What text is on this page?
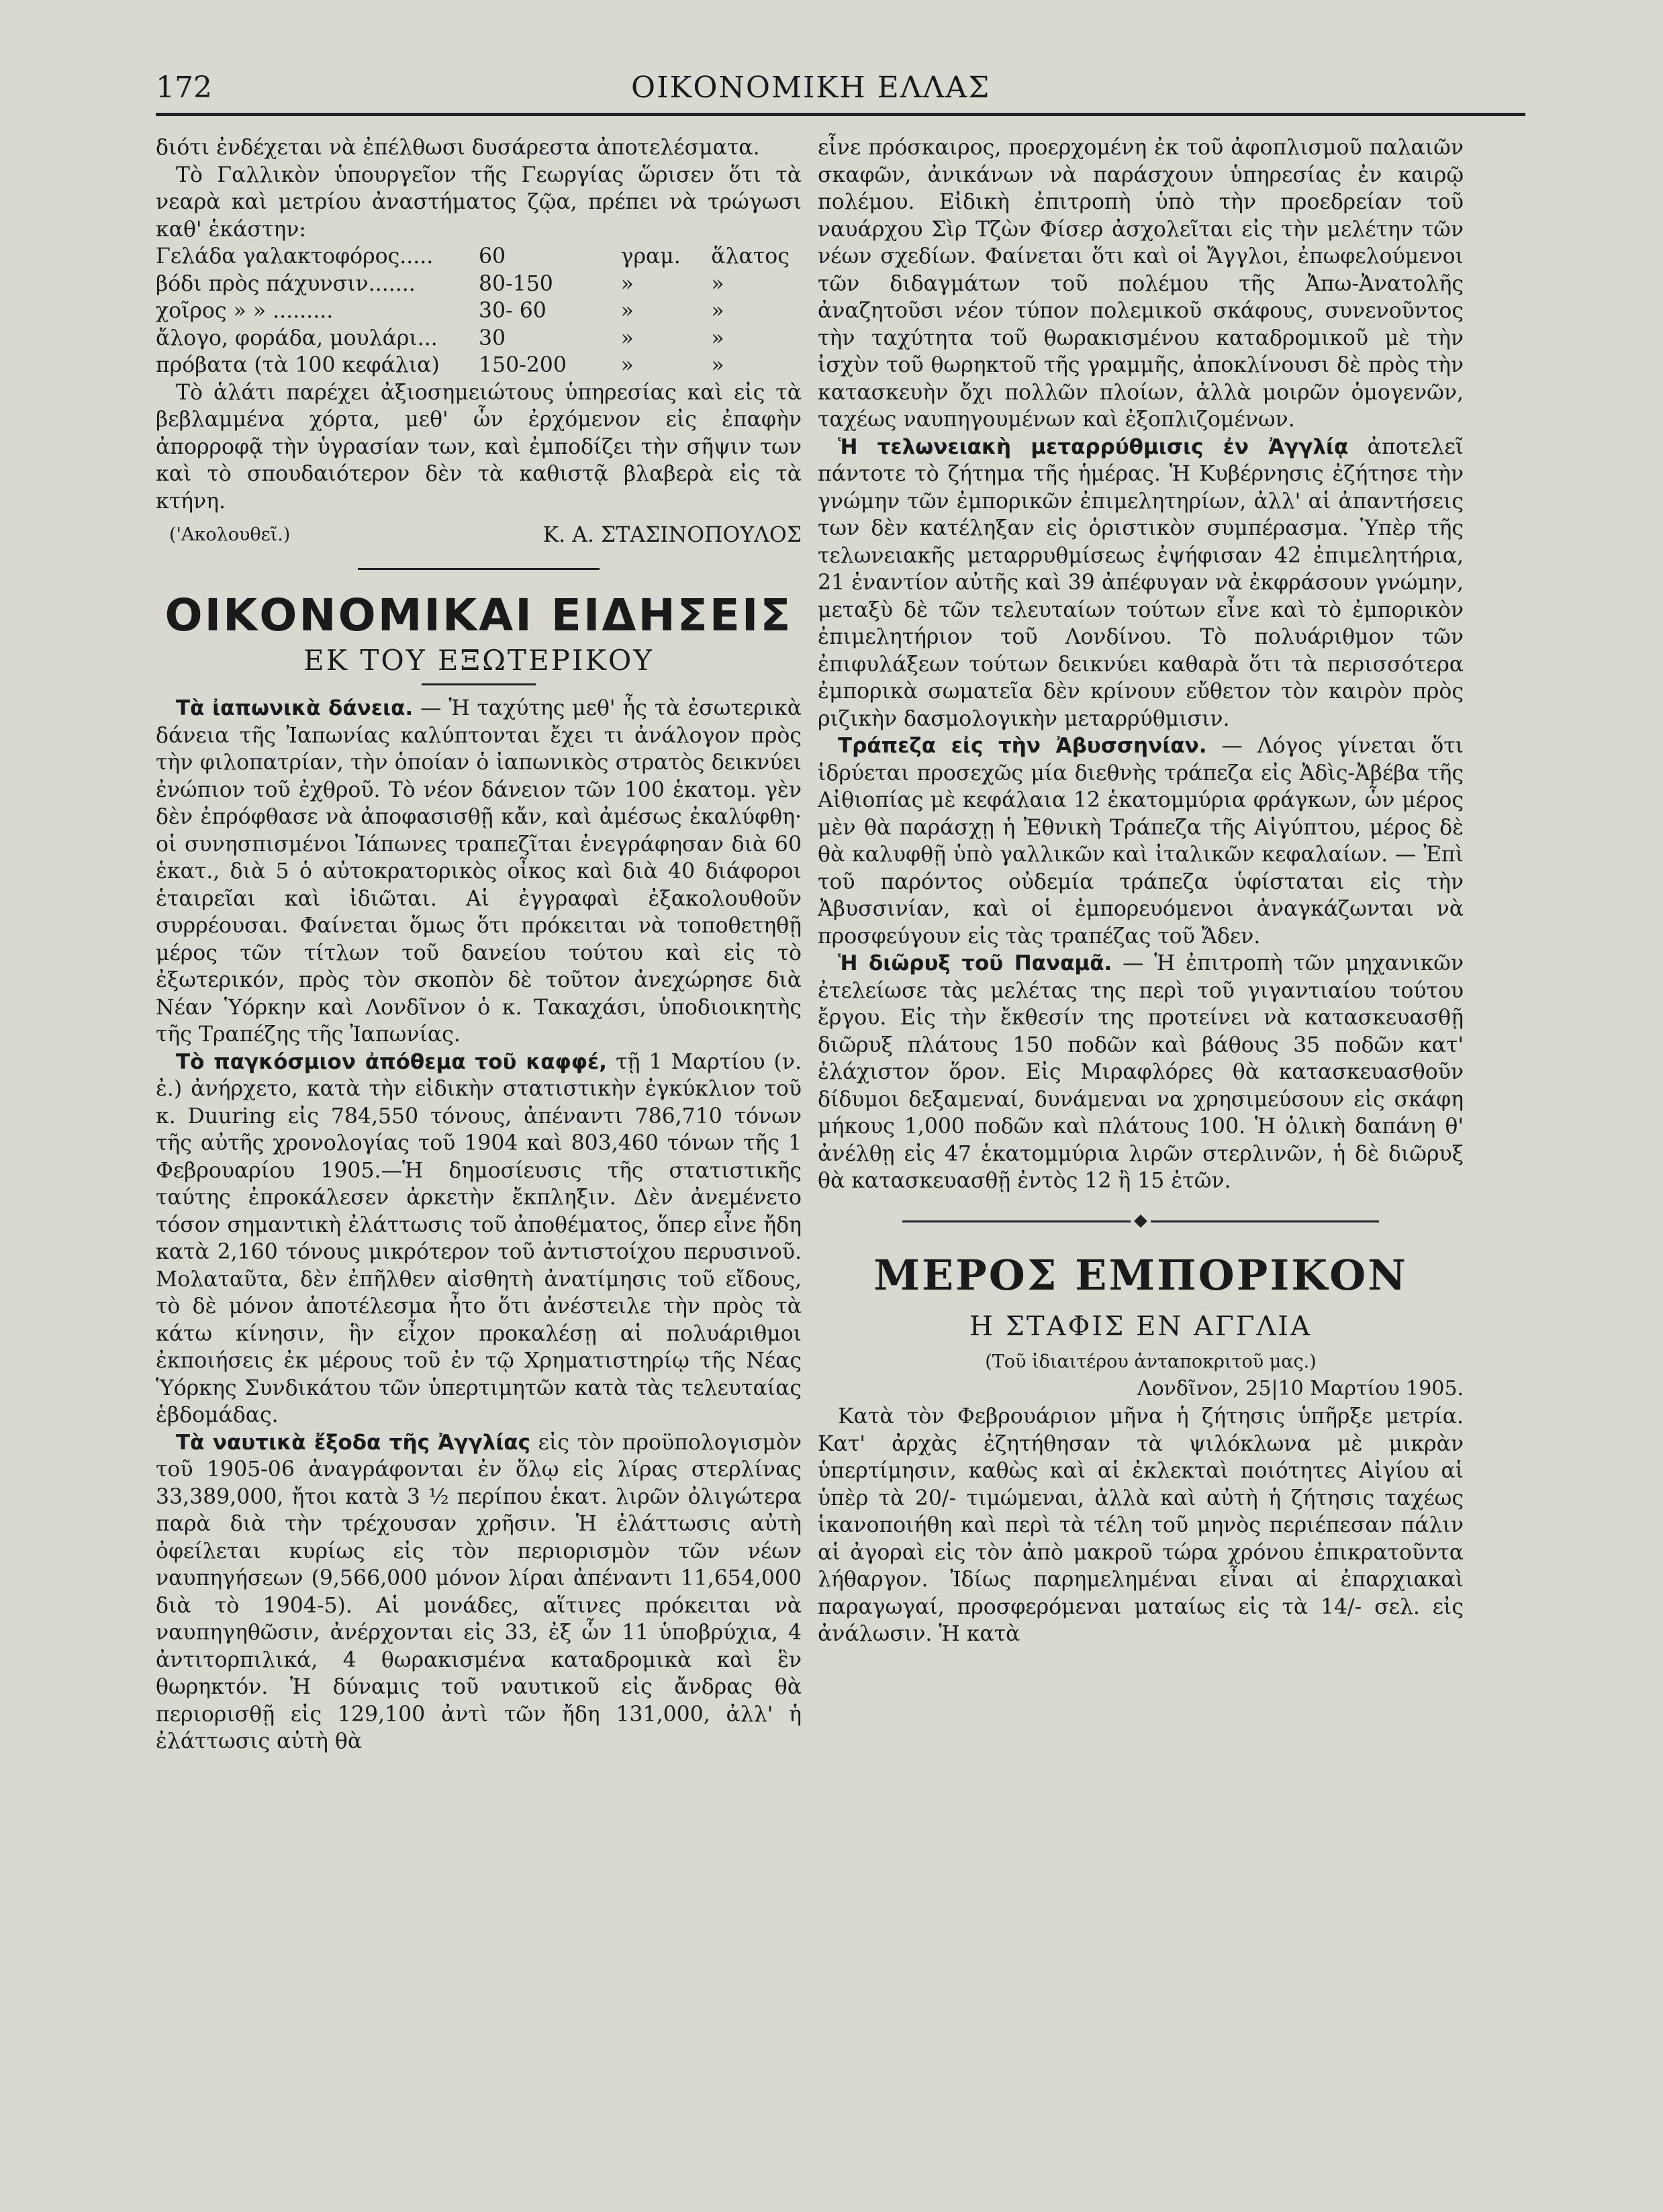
172	ΟΙΚΟΝΟΜΙΚΗ ΕΛΛΑΣ

διότι ἐνδέχεται νὰ ἐπέλθωσι δυσάρεστα ἀποτελέσματα.

Τὸ Γαλλικὸν ὑπουργεῖον τῆς Γεωργίας ὥρισεν ὅτι τὰ νεαρὰ καὶ μετρίου ἀναστήματος ζῷα, πρέπει νὰ τρώγωσι καθ' ἑκάστην:

Γελάδα γαλακτοφόρος.....	60	γραμ.	ἅλατος
βόδι πρὸς πάχυνσιν.......	80-150	»	»
χοῖρος » » .........	30- 60	»	»
ἄλογο, φοράδα, μουλάρι...	30	»	»
πρόβατα (τὰ 100 κεφάλια)	150-200	»	»

Τὸ ἁλάτι παρέχει ἀξιοσημειώτους ὑπηρεσίας καὶ εἰς τὰ βεβλαμμένα χόρτα, μεθ' ὧν ἐρχόμενον εἰς ἐπαφὴν ἀπορροφᾷ τὴν ὑγρασίαν των, καὶ ἐμποδίζει τὴν σῆψιν των καὶ τὸ σπουδαιότερον δὲν τὰ καθιστᾷ βλαβερὰ εἰς τὰ κτήνη.

('Ακολουθεῖ.)	Κ. Α. ΣΤΑΣΙΝΟΠΟΥΛΟΣ
ΟΙΚΟΝΟΜΙΚΑΙ ΕΙΔΗΣΕΙΣ
ΕΚ ΤΟΥ ΕΞΩΤΕΡΙΚΟΥ

Τὰ ἰαπωνικὰ δάνεια. — Ἡ ταχύτης μεθ' ἧς τὰ ἐσωτερικὰ δάνεια τῆς Ἰαπωνίας καλύπτονται ἔχει τι ἀνάλογον πρὸς τὴν φιλοπατρίαν, τὴν ὁποίαν ὁ ἰαπωνικὸς στρατὸς δεικνύει ἐνώπιον τοῦ ἐχθροῦ. Τὸ νέον δάνειον τῶν 100 ἑκατομ. γὲν δὲν ἐπρόφθασε νὰ ἀποφασισθῇ κἄν, καὶ ἀμέσως ἐκαλύφθη· οἱ συνησπισμένοι Ἰάπωνες τραπεζῖται ἐνεγράφησαν διὰ 60 ἑκατ., διὰ 5 ὁ αὐτοκρατορικὸς οἶκος καὶ διὰ 40 διάφοροι ἑταιρεῖαι καὶ ἰδιῶται. Αἱ ἐγγραφαὶ ἐξακολουθοῦν συρρέουσαι. Φαίνεται ὅμως ὅτι πρόκειται νὰ τοποθετηθῇ μέρος τῶν τίτλων τοῦ δανείου τούτου καὶ εἰς τὸ ἐξωτερικόν, πρὸς τὸν σκοπὸν δὲ τοῦτον ἀνεχώρησε διὰ Νέαν Ὑόρκην καὶ Λονδῖνον ὁ κ. Τακαχάσι, ὑποδιοικητὴς τῆς Τραπέζης τῆς Ἰαπωνίας.

Τὸ παγκόσμιον ἀπόθεμα τοῦ καφφέ, τῇ 1 Μαρτίου (ν. ἐ.) ἀνήρχετο, κατὰ τὴν εἰδικὴν στατιστικὴν ἐγκύκλιον τοῦ κ. Duuring εἰς 784,550 τόνους, ἀπέναντι 786,710 τόνων τῆς αὐτῆς χρονολογίας τοῦ 1904 καὶ 803,460 τόνων τῆς 1 Φεβρουαρίου 1905.—Ἡ δημοσίευσις τῆς στατιστικῆς ταύτης ἐπροκάλεσεν ἀρκετὴν ἔκπληξιν. Δὲν ἀνεμένετο τόσον σημαντικὴ ἐλάττωσις τοῦ ἀποθέματος, ὅπερ εἶνε ἤδη κατὰ 2,160 τόνους μικρότερον τοῦ ἀντιστοίχου περυσινοῦ. Μολαταῦτα, δὲν ἐπῆλθεν αἰσθητὴ ἀνατίμησις τοῦ εἴδους, τὸ δὲ μόνον ἀποτέλεσμα ἦτο ὅτι ἀνέστειλε τὴν πρὸς τὰ κάτω κίνησιν, ἣν εἶχον προκαλέσῃ αἱ πολυάριθμοι ἐκποιήσεις ἐκ μέρους τοῦ ἐν τῷ Χρηματιστηρίῳ τῆς Νέας Ὑόρκης Συνδικάτου τῶν ὑπερτιμητῶν κατὰ τὰς τελευταίας ἑβδομάδας.

Τὰ ναυτικὰ ἔξοδα τῆς Ἀγγλίας εἰς τὸν προϋπολογισμὸν τοῦ 1905-06 ἀναγράφονται ἐν ὅλῳ εἰς λίρας στερλίνας 33,389,000, ἤτοι κατὰ 3 ½ περίπου ἑκατ. λιρῶν ὀλιγώτερα παρὰ διὰ τὴν τρέχουσαν χρῆσιν. Ἡ ἐλάττωσις αὐτὴ ὀφείλεται κυρίως εἰς τὸν περιορισμὸν τῶν νέων ναυπηγήσεων (9,566,000 μόνον λίραι ἀπέναντι 11,654,000 διὰ τὸ 1904-5). Αἱ μονάδες, αἵτινες πρόκειται νὰ ναυπηγηθῶσιν, ἀνέρχονται εἰς 33, ἐξ ὧν 11 ὑποβρύχια, 4 ἀντιτορπιλικά, 4 θωρακισμένα καταδρομικὰ καὶ ἓν θωρηκτόν. Ἡ δύναμις τοῦ ναυτικοῦ εἰς ἄνδρας θὰ περιορισθῇ εἰς 129,100 ἀντὶ τῶν ἤδη 131,000, ἀλλ' ἡ ἐλάττωσις αὐτὴ θὰ

εἶνε πρόσκαιρος, προερχομένη ἐκ τοῦ ἀφοπλισμοῦ παλαιῶν σκαφῶν, ἀνικάνων νὰ παράσχουν ὑπηρεσίας ἐν καιρῷ πολέμου. Εἰδικὴ ἐπιτροπὴ ὑπὸ τὴν προεδρείαν τοῦ ναυάρχου Σὶρ Τζὼν Φίσερ ἀσχολεῖται εἰς τὴν μελέτην τῶν νέων σχεδίων. Φαίνεται ὅτι καὶ οἱ Ἄγγλοι, ἐπωφελούμενοι τῶν διδαγμάτων τοῦ πολέμου τῆς Ἀπω-Ἀνατολῆς ἀναζητοῦσι νέον τύπον πολεμικοῦ σκάφους, συνενοῦντος τὴν ταχύτητα τοῦ θωρακισμένου καταδρομικοῦ μὲ τὴν ἰσχὺν τοῦ θωρηκτοῦ τῆς γραμμῆς, ἀποκλίνουσι δὲ πρὸς τὴν κατασκευὴν ὄχι πολλῶν πλοίων, ἀλλὰ μοιρῶν ὁμογενῶν, ταχέως ναυπηγουμένων καὶ ἐξοπλιζομένων.

Ἡ τελωνειακὴ μεταρρύθμισις ἐν Ἀγγλίᾳ ἀποτελεῖ πάντοτε τὸ ζήτημα τῆς ἡμέρας. Ἡ Κυβέρνησις ἐζήτησε τὴν γνώμην τῶν ἐμπορικῶν ἐπιμελητηρίων, ἀλλ' αἱ ἀπαντήσεις των δὲν κατέληξαν εἰς ὁριστικὸν συμπέρασμα. Ὑπὲρ τῆς τελωνειακῆς μεταρρυθμίσεως ἐψήφισαν 42 ἐπιμελητήρια, 21 ἐναντίον αὐτῆς καὶ 39 ἀπέφυγαν νὰ ἐκφράσουν γνώμην, μεταξὺ δὲ τῶν τελευταίων τούτων εἶνε καὶ τὸ ἐμπορικὸν ἐπιμελητήριον τοῦ Λονδίνου. Τὸ πολυάριθμον τῶν ἐπιφυλάξεων τούτων δεικνύει καθαρὰ ὅτι τὰ περισσότερα ἐμπορικὰ σωματεῖα δὲν κρίνουν εὔθετον τὸν καιρὸν πρὸς ριζικὴν δασμολογικὴν μεταρρύθμισιν.

Τράπεζα εἰς τὴν Ἀβυσσηνίαν. — Λόγος γίνεται ὅτι ἱδρύεται προσεχῶς μία διεθνὴς τράπεζα εἰς Ἀδὶς-Ἀβέβα τῆς Αἰθιοπίας μὲ κεφάλαια 12 ἑκατομμύρια φράγκων, ὧν μέρος μὲν θὰ παράσχῃ ἡ Ἐθνικὴ Τράπεζα τῆς Αἰγύπτου, μέρος δὲ θὰ καλυφθῇ ὑπὸ γαλλικῶν καὶ ἰταλικῶν κεφαλαίων. — Ἐπὶ τοῦ παρόντος οὐδεμία τράπεζα ὑφίσταται εἰς τὴν Ἀβυσσινίαν, καὶ οἱ ἐμπορευόμενοι ἀναγκάζωνται νὰ προσφεύγουν εἰς τὰς τραπέζας τοῦ Ἄδεν.

Ἡ διῶρυξ τοῦ Παναμᾶ. — Ἡ ἐπιτροπὴ τῶν μηχανικῶν ἐτελείωσε τὰς μελέτας της περὶ τοῦ γιγαντιαίου τούτου ἔργου. Εἰς τὴν ἔκθεσίν της προτείνει νὰ κατασκευασθῇ διῶρυξ πλάτους 150 ποδῶν καὶ βάθους 35 ποδῶν κατ' ἐλάχιστον ὅρον. Εἰς Μιραφλόρες θὰ κατασκευασθοῦν δίδυμοι δεξαμεναί, δυνάμεναι να χρησιμεύσουν εἰς σκάφη μήκους 1,000 ποδῶν καὶ πλάτους 100. Ἡ ὁλικὴ δαπάνη θ' ἀνέλθῃ εἰς 47 ἑκατομμύρια λιρῶν στερλινῶν, ἡ δὲ διῶρυξ θὰ κατασκευασθῇ ἐντὸς 12 ἢ 15 ἐτῶν.

ΜΕΡΟΣ ΕΜΠΟΡΙΚΟΝ
Η ΣΤΑΦΙΣ ΕΝ ΑΓΓΛΙΑ

(Τοῦ ἰδιαιτέρου ἀνταποκριτοῦ μας.)

Λονδῖνον, 25|10 Μαρτίου 1905.

Κατὰ τὸν Φεβρουάριον μῆνα ἡ ζήτησις ὑπῆρξε μετρία. Κατ' ἀρχὰς ἐζητήθησαν τὰ ψιλόκλωνα μὲ μικρὰν ὑπερτίμησιν, καθὼς καὶ αἱ ἐκλεκταὶ ποιότητες Αἰγίου αἱ ὑπὲρ τὰ 20/- τιμώμεναι, ἀλλὰ καὶ αὐτὴ ἡ ζήτησις ταχέως ἱκανοποιήθη καὶ περὶ τὰ τέλη τοῦ μηνὸς περιέπεσαν πάλιν αἱ ἀγοραὶ εἰς τὸν ἀπὸ μακροῦ τώρα χρόνου ἐπικρατοῦντα λήθαργον. Ἰδίως παρημελημέναι εἶναι αἱ ἐπαρχιακαὶ παραγωγαί, προσφερόμεναι ματαίως εἰς τὰ 14/- σελ. εἰς ἀνάλωσιν. Ἡ κατὰ
